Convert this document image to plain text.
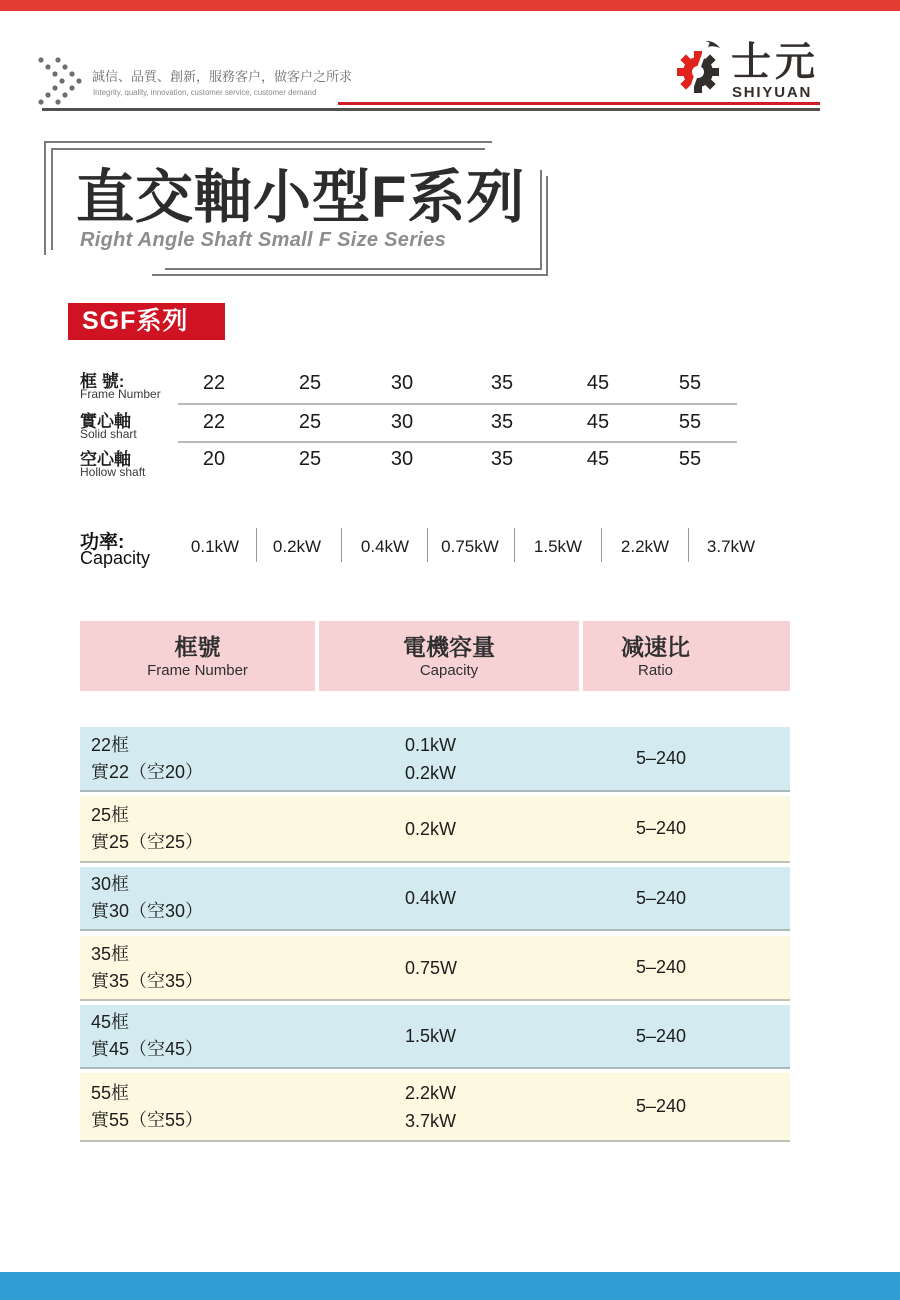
誠信、品質、創新，服務客户，做客户之所求
Integrity, quality, innovation, customer service, customer demand
士元
SHIYUAN
直交軸小型F系列
Right Angle Shaft Small F Size Series
SGF系列
框 號:
Frame Number	22	25	30	35	45	55
實心軸
Solid shart
22	25	30	35	45	55
空心軸
Hollow shaft
20	25	30	35	45	55
功率:
Capacity
0.1kW	0.2kW	0.4kW	0.75kW	1.5kW	2.2kW	3.7kW
框號
Frame Number
電機容量
Capacity
减速比
Ratio
22框
實22（空20）
0.1kW
0.2kW
5–240
25框
實25（空25）
0.2kW	5–240
30框
實30（空30）
0.4kW	5–240
35框
實35（空35）
0.75W	5–240
45框
實45（空45）
1.5kW	5–240
55框
實55（空55）
2.2kW
3.7kW
5–240
